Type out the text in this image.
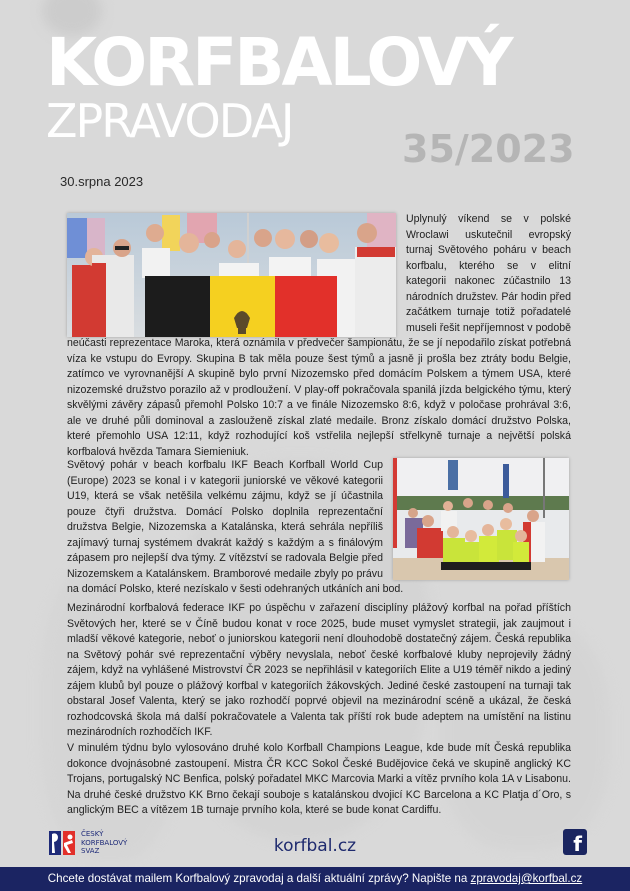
KORFBALOVÝ
ZPRAVODAJ
35/2023
30.srpna 2023
Uplynulý víkend se v polské Wroclawi uskutečnil evropský turnaj Světového poháru v beach korfbalu, kterého se v elitní kategorii nakonec zúčastnilo 13 národních družstev. Pár hodin před začátkem turnaje totiž pořadatelé museli řešit nepříjemnost v podobě neúčasti reprezentace Maroka, která oznámila v předvečer šampionátu, že se jí nepodařilo získat potřebná víza ke vstupu do Evropy. Skupina B tak měla pouze šest týmů a jasně ji prošla bez ztráty bodu Belgie, zatímco ve vyrovnanější A skupině bylo první Nizozemsko před domácím Polskem a týmem USA, které nizozemské družstvo porazilo až v prodloužení. V play-off pokračovala spanilá jízda belgického týmu, který skvělými závěry zápasů přemohl Polsko 10:7 a ve finále Nizozemsko 8:6, když v poločase prohrával 3:6, ale ve druhé půli dominoval a zaslouženě získal zlaté medaile. Bronz získalo domácí družstvo Polska, které přemohlo USA 12:11, když rozhodující koš vstřelila nejlepší střelkyně turnaje a největší polská korfbalová hvězda Tamara Siemieniuk.
Světový pohár v beach korfbalu IKF Beach Korfball World Cup (Europe) 2023 se konal i v kategorii juniorské ve věkové kategorii U19, která se však netěšila velkému zájmu, když se jí účastnila pouze čtyři družstva. Domácí Polsko doplnila reprezentační družstva Belgie, Nizozemska a Katalánska, která sehrála nepříliš zajímavý turnaj systémem dvakrát každý s každým a s finálovým zápasem pro nejlepší dva týmy. Z vítězství se radovala Belgie před Nizozemskem a Katalánskem. Bramborové medaile zbyly po právu na domácí Polsko, které nezískalo v šesti odehraných utkáních ani bod.
Mezinárodní korfbalová federace IKF po úspěchu v zařazení disciplíny plážový korfbal na pořad příštích Světových her, které se v Číně budou konat v roce 2025, bude muset vymyslet strategii, jak zaujmout i mladší věkové kategorie, neboť o juniorskou kategorii není dlouhodobě dostatečný zájem. Česká republika na Světový pohár své reprezentační výběry nevyslala, neboť české korfbalové kluby neprojevily žádný zájem, když na vyhlášené Mistrovství ČR 2023 se nepřihlásil v kategoriích Elite a U19 téměř nikdo a jediný zájem klubů byl pouze o plážový korfbal v kategoriích žákovských. Jediné české zastoupení na turnaji tak obstaral Josef Valenta, který se jako rozhodčí poprvé objevil na mezinárodní scéně a ukázal, že česká rozhodcovská škola má další pokračovatele a Valenta tak příští rok bude adeptem na umístění na listinu mezinárodních rozhodčích IKF.
V minulém týdnu bylo vylosováno druhé kolo Korfball Champions League, kde bude mít Česká republika dokonce dvojnásobné zastoupení. Mistra ČR KCC Sokol České Budějovice čeká ve skupině anglický KC Trojans, portugalský NC Benfica, polský pořadatel MKC Marcovia Marki a vítěz prvního kola 1A v Lisabonu. Na druhé české družstvo KK Brno čekají souboje s katalánskou dvojicí KC Barcelona a KC Platja d´Oro, s anglickým BEC a vítězem 1B turnaje prvního kola, které se bude konat Cardiffu.
ČESKÝ
KORFBALOVÝ
SVAZ	korfbal.cz	f
Chcete dostávat mailem Korfbalový zpravodaj a další aktuální zprávy? Napište na zpravodaj@korfbal.cz
